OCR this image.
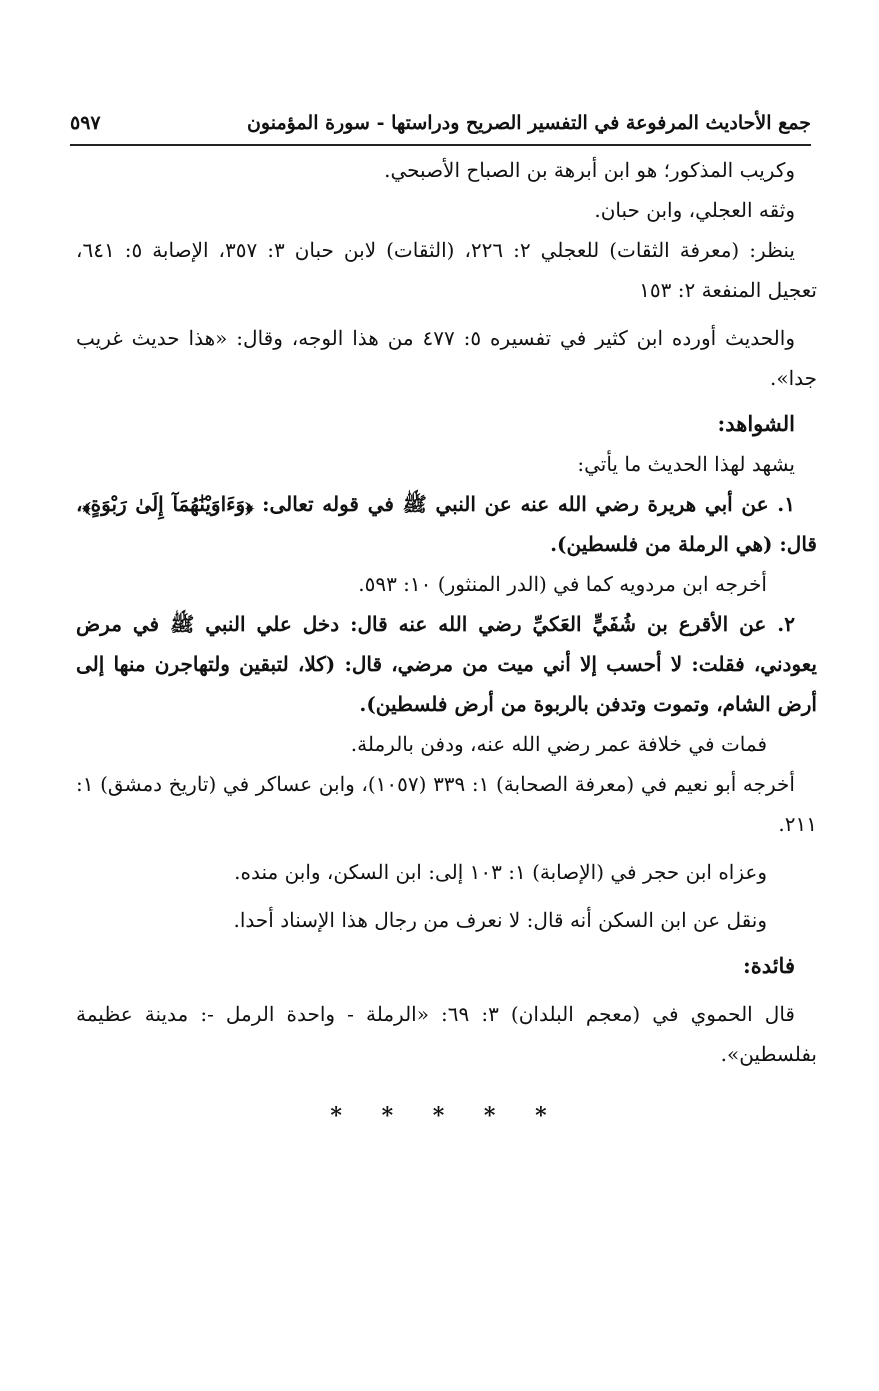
جمع الأحاديث المرفوعة في التفسير الصريح ودراستها - سورة المؤمنون
٥٩٧

وكريب المذكور؛ هو ابن أبرهة بن الصباح الأصبحي.

وثقه العجلي، وابن حبان.

ينظر: (معرفة الثقات) للعجلي ٢: ٢٢٦، (الثقات) لابن حبان ٣: ٣٥٧، الإصابة ٥: ٦٤١، تعجيل المنفعة ٢: ١٥٣

والحديث أورده ابن كثير في تفسيره ٥: ٤٧٧ من هذا الوجه، وقال: «هذا حديث غريب جدا».

الشواهد:

يشهد لهذا الحديث ما يأتي:

١. عن أبي هريرة رضي الله عنه عن النبي ﷺ في قوله تعالى: ﴿وَءَاوَيْنَٰهُمَآ إِلَىٰ رَبْوَةٍ﴾، قال: (هي الرملة من فلسطين).

أخرجه ابن مردويه كما في (الدر المنثور) ١٠: ٥٩٣.

٢. عن الأقرع بن شُفَيٍّ العَكيِّ رضي الله عنه قال: دخل علي النبي ﷺ في مرض يعودني، فقلت: لا أحسب إلا أني ميت من مرضي، قال: (كلا، لتبقين ولتهاجرن منها إلى أرض الشام، وتموت وتدفن بالربوة من أرض فلسطين).

فمات في خلافة عمر رضي الله عنه، ودفن بالرملة.

أخرجه أبو نعيم في (معرفة الصحابة) ١: ٣٣٩ (١٠٥٧)، وابن عساكر في (تاريخ دمشق) ١: ٢١١.

وعزاه ابن حجر في (الإصابة) ١: ١٠٣ إلى: ابن السكن، وابن منده.

ونقل عن ابن السكن أنه قال: لا نعرف من رجال هذا الإسناد أحدا.

فائدة:

قال الحموي في (معجم البلدان) ٣: ٦٩: «الرملة - واحدة الرمل -: مدينة عظيمة بفلسطين».

* * * * *
